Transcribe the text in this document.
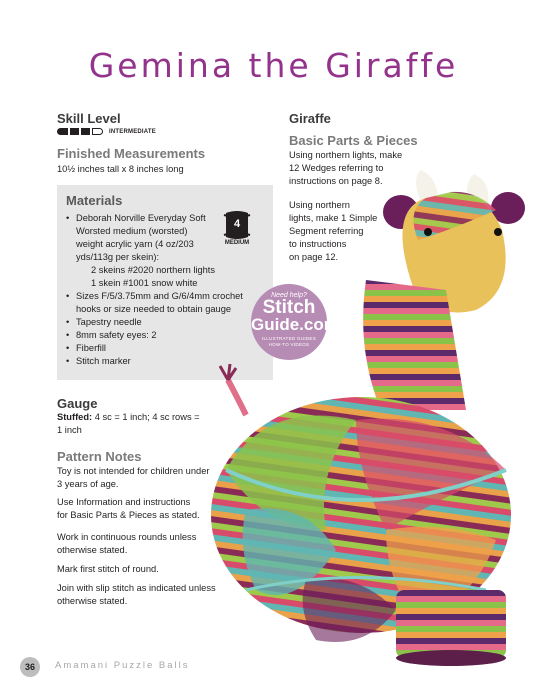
Gemina the Giraffe
Skill Level
INTERMEDIATE
Finished Measurements

10½ inches tall x 8 inches long

Materials
• Deborah Norville Everyday Soft
Worsted medium (worsted)
weight acrylic yarn (4 oz/203
yds/113g per skein):
2 skeins #2020 northern lights
1 skein #1001 snow white
• Sizes F/5/3.75mm and G/6/4mm crochet
hooks or size needed to obtain gauge
• Tapestry needle
• 8mm safety eyes: 2
• Fiberfill
• Stitch marker
4
MEDIUM
Gauge

Stuffed: 4 sc = 1 inch; 4 sc rows =

1 inch

Pattern Notes

Toy is not intended for children under

3 years of age.

Use Information and instructions

for Basic Parts & Pieces as stated.

Work in continuous rounds unless

otherwise stated.

Mark first stitch of round.

Join with slip stitch as indicated unless

otherwise stated.

Giraffe
Basic Parts & Pieces

Using northern lights, make

12 Wedges referring to

instructions on page 8.

Using northern

lights, make 1 Simple

Segment referring

to instructions

on page 12.

Need help?
Stitch
Guide.com
ILLUSTRATED GUIDES
HOW-TO VIDEOS
36	Amamani Puzzle Balls
